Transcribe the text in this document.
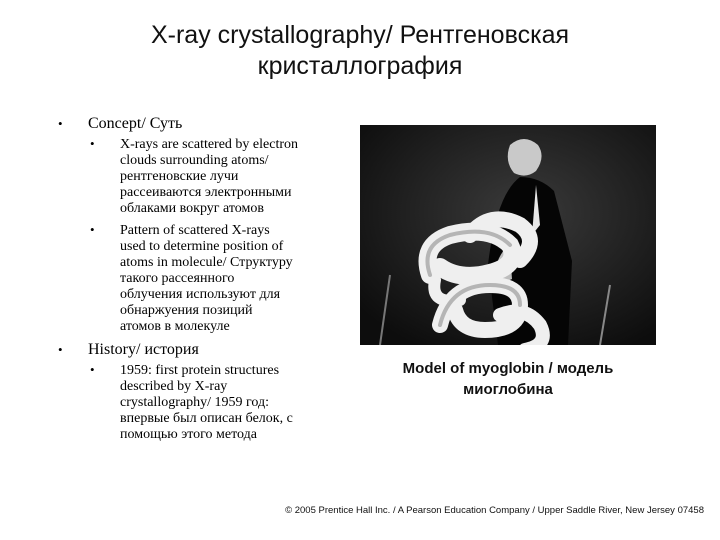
X-ray crystallography/ Рентгеновская
кристаллография
• Concept/ Суть
• X-rays are scattered by electron
clouds surrounding atoms/
рентгеновские лучи
рассеиваются электронными
облаками вокруг атомов
• Pattern of scattered X-rays
used to determine position of
atoms in molecule/ Структуру
такого рассеянного
облучения используют для
обнаржуения позиций
атомов в молекуле
• History/ история
• 1959: first protein structures
described by X-ray
crystallography/ 1959 год:
впервые был описан белок, с
помощью этого метода
Model of myoglobin / модель
миоглобина
© 2005 Prentice Hall Inc. / A Pearson Education Company / Upper Saddle River, New Jersey 07458
